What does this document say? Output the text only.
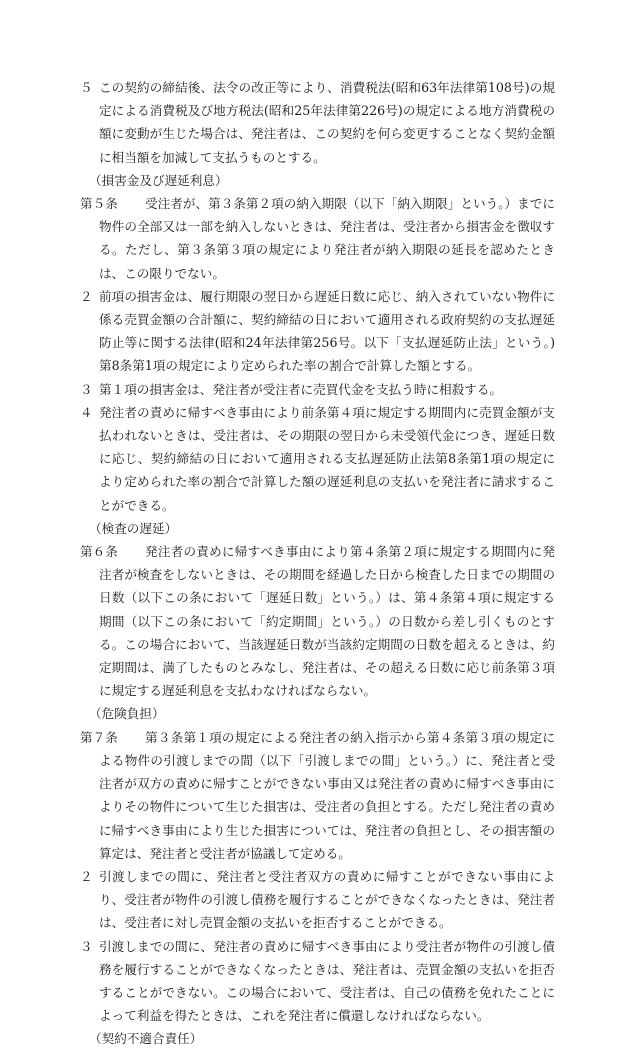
５ この契約の締結後、法令の改正等により、消費税法(昭和63年法律第108号)の規定による消費税及び地方税法(昭和25年法律第226号)の規定による地方消費税の額に変動が生じた場合は、発注者は、この契約を何ら変更することなく契約金額に相当額を加減して支払うものとする。
（損害金及び遅延利息）
第５条	受注者が、第３条第２項の納入期限（以下「納入期限」という。）までに物件の全部又は一部を納入しないときは、発注者は、受注者から損害金を徴収する。ただし、第３条第３項の規定により発注者が納入期限の延長を認めたときは、この限りでない。
２ 前項の損害金は、履行期限の翌日から遅延日数に応じ、納入されていない物件に係る売買金額の合計額に、契約締結の日において適用される政府契約の支払遅延防止等に関する法律(昭和24年法律第256号。以下「支払遅延防止法」という。)第8条第1項の規定により定められた率の割合で計算した額とする。
３ 第１項の損害金は、発注者が受注者に売買代金を支払う時に相殺する。
４ 発注者の責めに帰すべき事由により前条第４項に規定する期間内に売買金額が支払われないときは、受注者は、その期限の翌日から未受領代金につき、遅延日数に応じ、契約締結の日において適用される支払遅延防止法第8条第1項の規定により定められた率の割合で計算した額の遅延利息の支払いを発注者に請求することができる。
（検査の遅延）
第６条	発注者の責めに帰すべき事由により第４条第２項に規定する期間内に発注者が検査をしないときは、その期間を経過した日から検査した日までの期間の日数（以下この条において「遅延日数」という。）は、第４条第４項に規定する期間（以下この条において「約定期間」という。）の日数から差し引くものとする。この場合において、当該遅延日数が当該約定期間の日数を超えるときは、約定期間は、満了したものとみなし、発注者は、その超える日数に応じ前条第３項に規定する遅延利息を支払わなければならない。
（危険負担）
第７条	第３条第１項の規定による発注者の納入指示から第４条第３項の規定による物件の引渡しまでの間（以下「引渡しまでの間」という。）に、発注者と受注者が双方の責めに帰すことができない事由又は発注者の責めに帰すべき事由によりその物件について生じた損害は、受注者の負担とする。ただし発注者の責めに帰すべき事由により生じた損害については、発注者の負担とし、その損害額の算定は、発注者と受注者が協議して定める。
２ 引渡しまでの間に、発注者と受注者双方の責めに帰すことができない事由により、受注者が物件の引渡し債務を履行することができなくなったときは、発注者は、受注者に対し売買金額の支払いを拒否することができる。
３ 引渡しまでの間に、発注者の責めに帰すべき事由により受注者が物件の引渡し債務を履行することができなくなったときは、発注者は、売買金額の支払いを拒否することができない。この場合において、受注者は、自己の債務を免れたことによって利益を得たときは、これを発注者に償還しなければならない。
（契約不適合責任）
